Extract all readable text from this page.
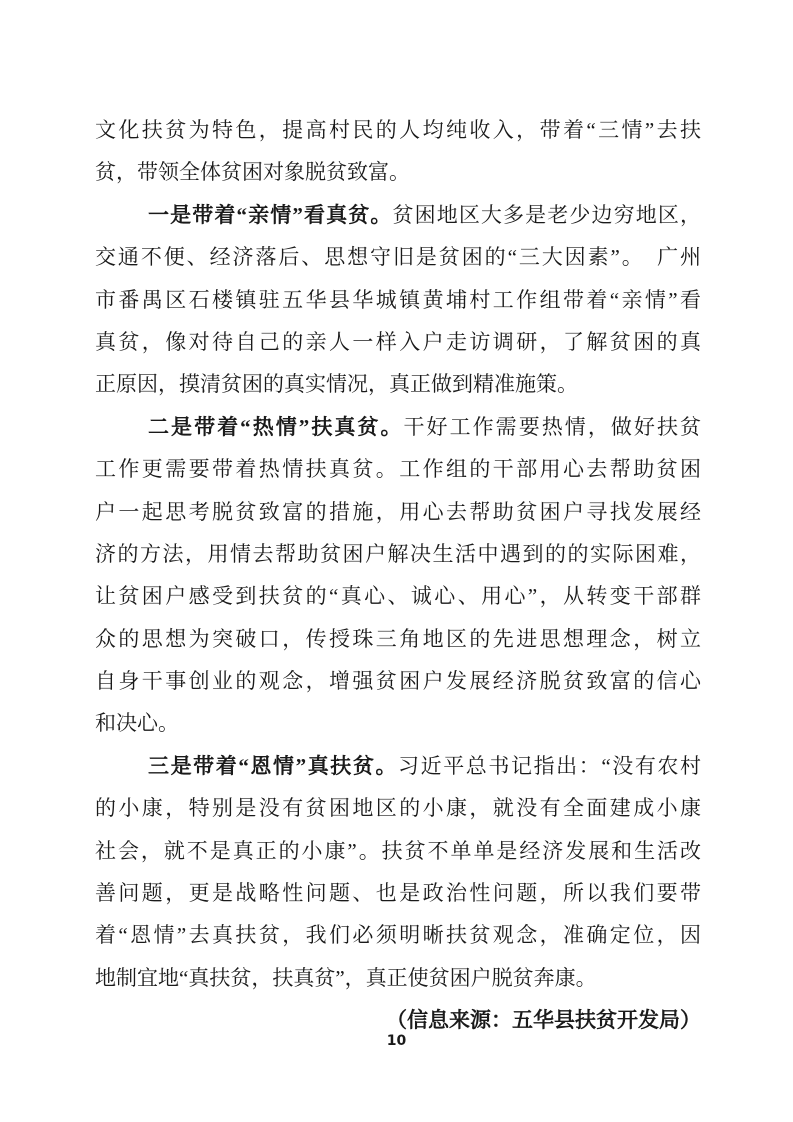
文化扶贫为特色，提高村民的人均纯收入，带着“三情”去扶
贫，带领全体贫困对象脱贫致富。
一是带着“亲情”看真贫。贫困地区大多是老少边穷地区，
交通不便、经济落后、思想守旧是贫困的“三大因素”。　广州
市番禺区石楼镇驻五华县华城镇黄埔村工作组带着“亲情”看
真贫，像对待自己的亲人一样入户走访调研，了解贫困的真
正原因，摸清贫困的真实情况，真正做到精准施策。
二是带着“热情”扶真贫。干好工作需要热情，做好扶贫
工作更需要带着热情扶真贫。工作组的干部用心去帮助贫困
户一起思考脱贫致富的措施，用心去帮助贫困户寻找发展经
济的方法，用情去帮助贫困户解决生活中遇到的的实际困难，
让贫困户感受到扶贫的“真心、诚心、用心”，从转变干部群
众的思想为突破口，传授珠三角地区的先进思想理念，树立
自身干事创业的观念，增强贫困户发展经济脱贫致富的信心
和决心。
三是带着“恩情”真扶贫。习近平总书记指出：“没有农村
的小康，特别是没有贫困地区的小康，就没有全面建成小康
社会，就不是真正的小康”。扶贫不单单是经济发展和生活改
善问题，更是战略性问题、也是政治性问题，所以我们要带
着“恩情”去真扶贫，我们必须明晰扶贫观念，准确定位，因
地制宜地“真扶贫，扶真贫”，真正使贫困户脱贫奔康。
（信息来源：五华县扶贫开发局）
10
